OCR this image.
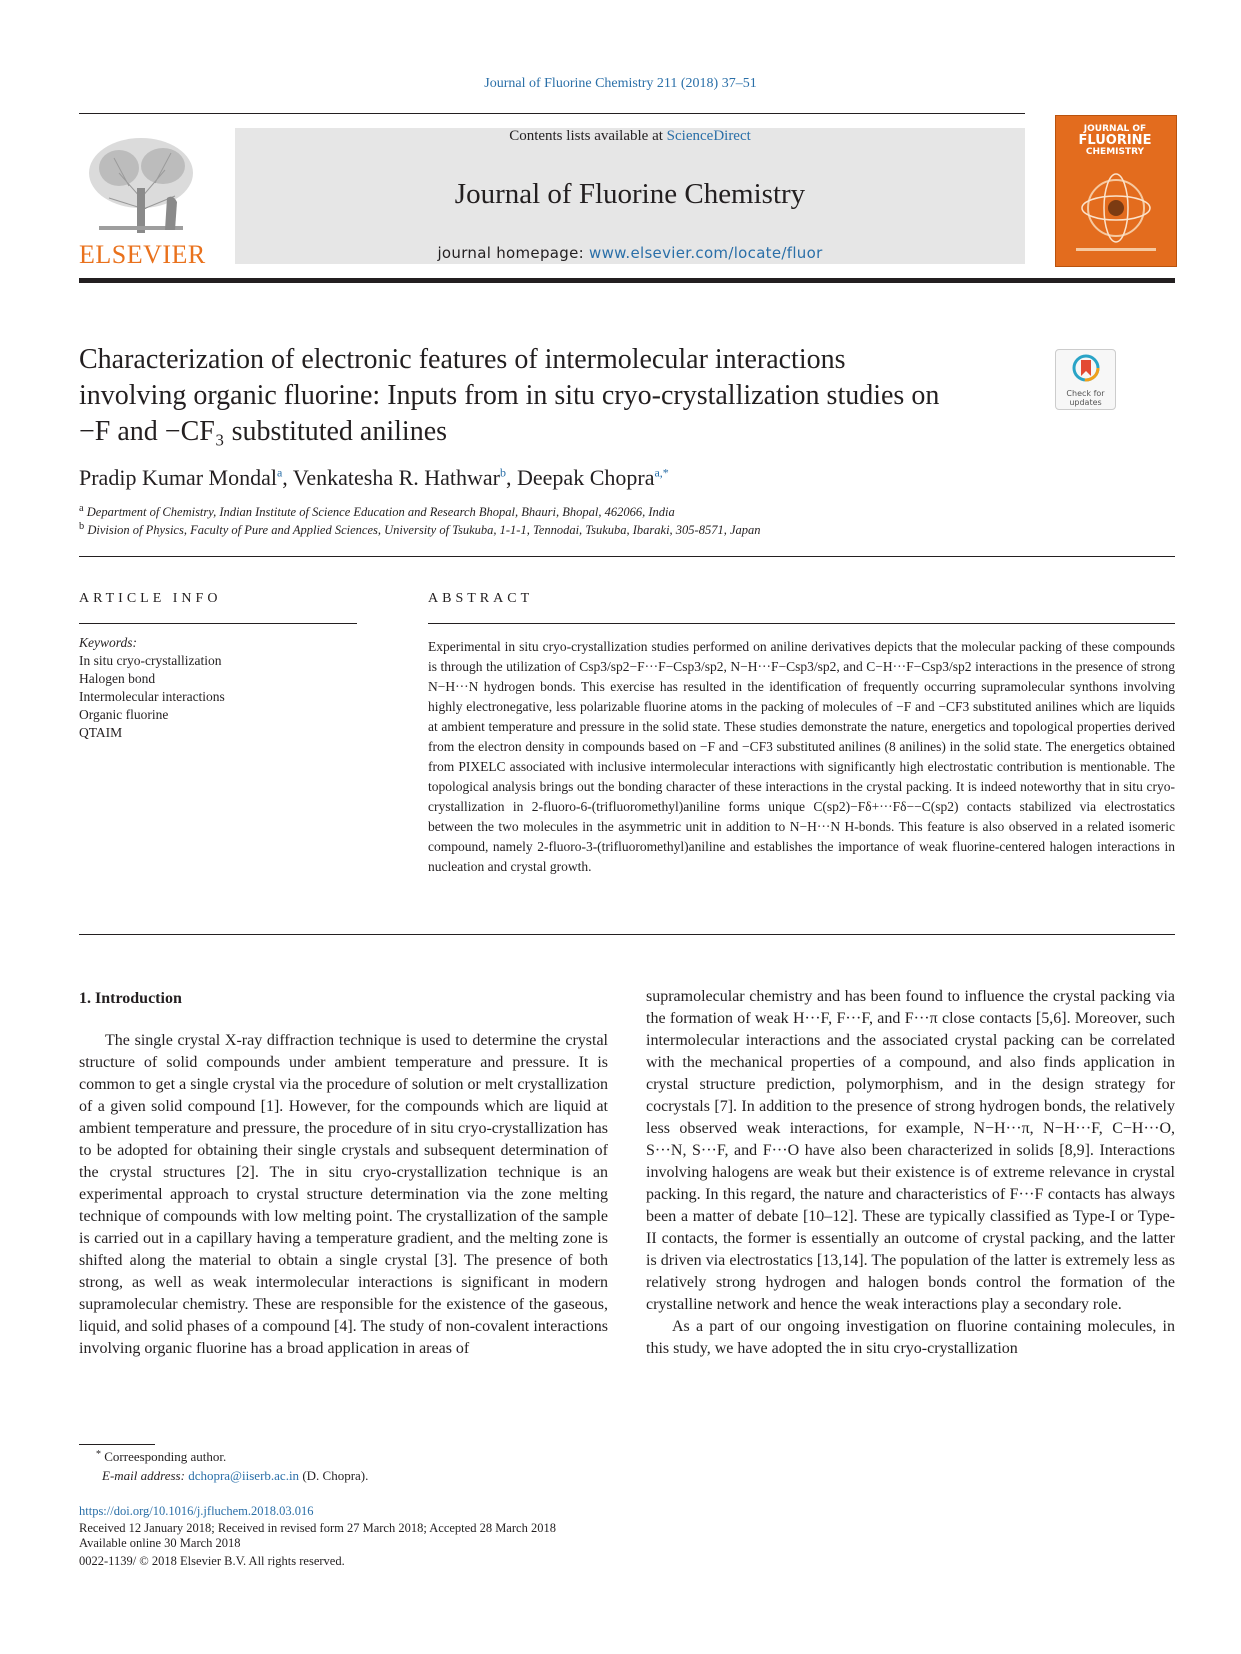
Journal of Fluorine Chemistry 211 (2018) 37–51
ELSEVIER
Contents lists available at ScienceDirect
Journal of Fluorine Chemistry
journal homepage: www.elsevier.com/locate/fluor
JOURNAL OF
FLUORINE
CHEMISTRY
Characterization of electronic features of intermolecular interactions
involving organic fluorine: Inputs from in situ cryo-crystallization studies on
−F and −CF₃ substituted anilines
Check for
updates
Pradip Kumar Mondal$^a$, Venkatesha R. Hathwar$^b$, Deepak Chopra$^{a,*}$
$^a$ Department of Chemistry, Indian Institute of Science Education and Research Bhopal, Bhauri, Bhopal, 462066, India
$^b$ Division of Physics, Faculty of Pure and Applied Sciences, University of Tsukuba, 1-1-1, Tennodai, Tsukuba, Ibaraki, 305-8571, Japan
ARTICLE INFO
Keywords:
In situ cryo-crystallization
Halogen bond
Intermolecular interactions
Organic fluorine
QTAIM
ABSTRACT
Experimental in situ cryo-crystallization studies performed on aniline derivatives depicts that the molecular packing of these compounds is through the utilization of Csp3/sp2−F···F−Csp3/sp2, N−H···F−Csp3/sp2, and C−H···F−Csp3/sp2 interactions in the presence of strong N−H···N hydrogen bonds. This exercise has resulted in the identification of frequently occurring supramolecular synthons involving highly electronegative, less polarizable fluorine atoms in the packing of molecules of −F and −CF3 substituted anilines which are liquids at ambient temperature and pressure in the solid state. These studies demonstrate the nature, energetics and topological properties derived from the electron density in compounds based on −F and −CF3 substituted anilines (8 anilines) in the solid state. The energetics obtained from PIXELC associated with inclusive intermolecular interactions with significantly high electrostatic contribution is mentionable. The topological analysis brings out the bonding character of these interactions in the crystal packing. It is indeed noteworthy that in situ cryo-crystallization in 2-fluoro-6-(trifluoromethyl)aniline forms unique C(sp2)−Fδ+···Fδ−−C(sp2) contacts stabilized via electrostatics between the two molecules in the asymmetric unit in addition to N−H···N H-bonds. This feature is also observed in a related isomeric compound, namely 2-fluoro-3-(trifluoromethyl)aniline and establishes the importance of weak fluorine-centered halogen interactions in nucleation and crystal growth.
1. Introduction
The single crystal X-ray diffraction technique is used to determine the crystal structure of solid compounds under ambient temperature and pressure. It is common to get a single crystal via the procedure of solution or melt crystallization of a given solid compound [1]. However, for the compounds which are liquid at ambient temperature and pressure, the procedure of in situ cryo-crystallization has to be adopted for obtaining their single crystals and subsequent determination of the crystal structures [2]. The in situ cryo-crystallization technique is an experimental approach to crystal structure determination via the zone melting technique of compounds with low melting point. The crystallization of the sample is carried out in a capillary having a temperature gradient, and the melting zone is shifted along the material to obtain a single crystal [3]. The presence of both strong, as well as weak intermolecular interactions is significant in modern supramolecular chemistry. These are responsible for the existence of the gaseous, liquid, and solid phases of a compound [4]. The study of non-covalent interactions involving organic fluorine has a broad application in areas of

supramolecular chemistry and has been found to influence the crystal packing via the formation of weak H···F, F···F, and F···π close contacts [5,6]. Moreover, such intermolecular interactions and the associated crystal packing can be correlated with the mechanical properties of a compound, and also finds application in crystal structure prediction, polymorphism, and in the design strategy for cocrystals [7]. In addition to the presence of strong hydrogen bonds, the relatively less observed weak interactions, for example, N−H···π, N−H···F, C−H···O, S···N, S···F, and F···O have also been characterized in solids [8,9]. Interactions involving halogens are weak but their existence is of extreme relevance in crystal packing. In this regard, the nature and characteristics of F···F contacts has always been a matter of debate [10–12]. These are typically classified as Type-I or Type-II contacts, the former is essentially an outcome of crystal packing, and the latter is driven via electrostatics [13,14]. The population of the latter is extremely less as relatively strong hydrogen and halogen bonds control the formation of the crystalline network and hence the weak interactions play a secondary role.

As a part of our ongoing investigation on fluorine containing molecules, in this study, we have adopted the in situ cryo-crystallization

* Correesponding author.
E-mail address: dchopra@iiserb.ac.in (D. Chopra).
https://doi.org/10.1016/j.jfluchem.2018.03.016
Received 12 January 2018; Received in revised form 27 March 2018; Accepted 28 March 2018
Available online 30 March 2018
0022-1139/ © 2018 Elsevier B.V. All rights reserved.
